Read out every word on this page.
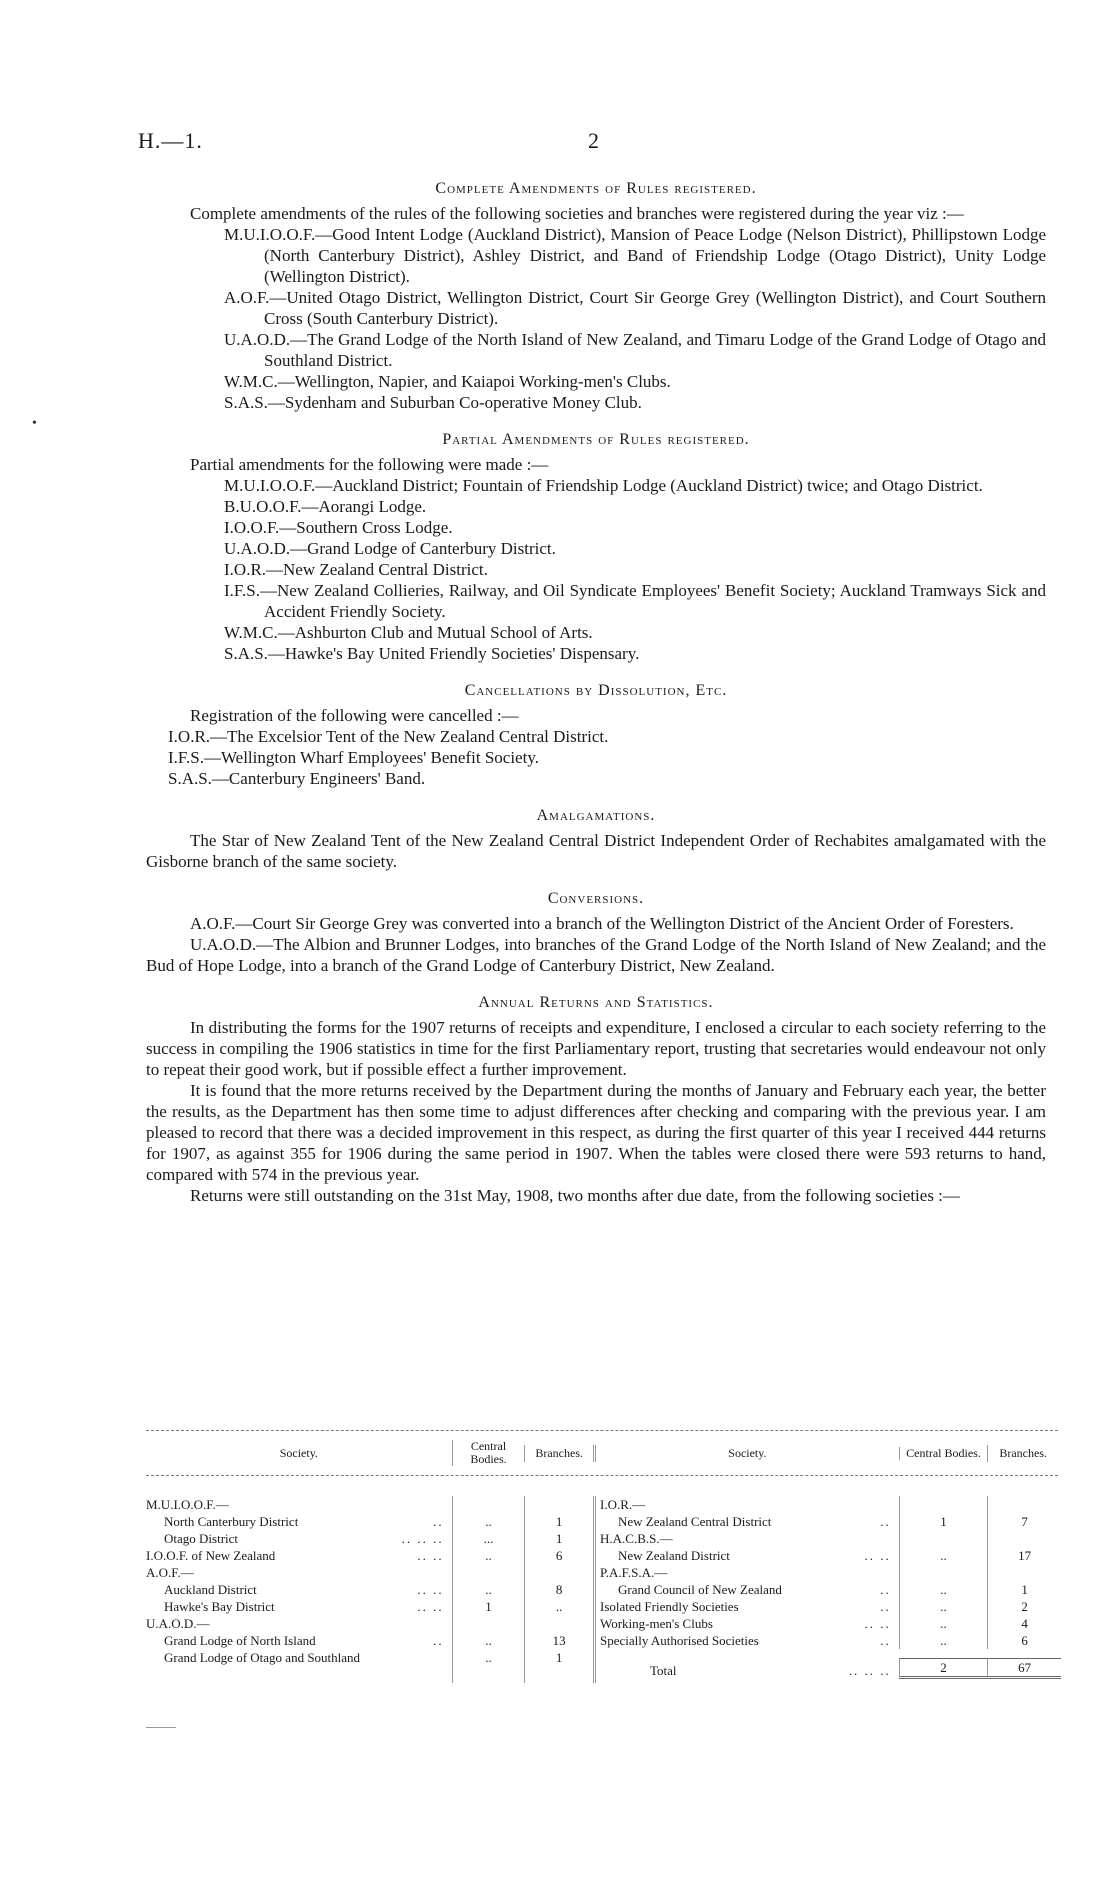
H.—1.	2
•
Complete Amendments of Rules registered.

Complete amendments of the rules of the following societies and branches were registered during the year viz :—

M.U.I.O.O.F.—Good Intent Lodge (Auckland District), Mansion of Peace Lodge (Nelson District), Phillipstown Lodge (North Canterbury District), Ashley District, and Band of Friendship Lodge (Otago District), Unity Lodge (Wellington District).
A.O.F.—United Otago District, Wellington District, Court Sir George Grey (Wellington District), and Court Southern Cross (South Canterbury District).
U.A.O.D.—The Grand Lodge of the North Island of New Zealand, and Timaru Lodge of the Grand Lodge of Otago and Southland District.
W.M.C.—Wellington, Napier, and Kaiapoi Working-men's Clubs.
S.A.S.—Sydenham and Suburban Co-operative Money Club.
Partial Amendments of Rules registered.

Partial amendments for the following were made :—

M.U.I.O.O.F.—Auckland District; Fountain of Friendship Lodge (Auckland District) twice; and Otago District.
B.U.O.O.F.—Aorangi Lodge.
I.O.O.F.—Southern Cross Lodge.
U.A.O.D.—Grand Lodge of Canterbury District.
I.O.R.—New Zealand Central District.
I.F.S.—New Zealand Collieries, Railway, and Oil Syndicate Employees' Benefit Society; Auckland Tramways Sick and Accident Friendly Society.
W.M.C.—Ashburton Club and Mutual School of Arts.
S.A.S.—Hawke's Bay United Friendly Societies' Dispensary.
Cancellations by Dissolution, Etc.

Registration of the following were cancelled :—

I.O.R.—The Excelsior Tent of the New Zealand Central District.
I.F.S.—Wellington Wharf Employees' Benefit Society.
S.A.S.—Canterbury Engineers' Band.
Amalgamations.

The Star of New Zealand Tent of the New Zealand Central District Independent Order of Rechabites amalgamated with the Gisborne branch of the same society.

Conversions.

A.O.F.—Court Sir George Grey was converted into a branch of the Wellington District of the Ancient Order of Foresters.

U.A.O.D.—The Albion and Brunner Lodges, into branches of the Grand Lodge of the North Island of New Zealand; and the Bud of Hope Lodge, into a branch of the Grand Lodge of Canterbury District, New Zealand.

Annual Returns and Statistics.

In distributing the forms for the 1907 returns of receipts and expenditure, I enclosed a circular to each society referring to the success in compiling the 1906 statistics in time for the first Parliamentary report, trusting that secretaries would endeavour not only to repeat their good work, but if possible effect a further improvement.

It is found that the more returns received by the Department during the months of January and February each year, the better the results, as the Department has then some time to adjust differences after checking and comparing with the previous year. I am pleased to record that there was a decided improvement in this respect, as during the first quarter of this year I received 444 returns for 1907, as against 355 for 1906 during the same period in 1907. When the tables were closed there were 593 returns to hand, compared with 574 in the previous year.

Returns were still outstanding on the 31st May, 1908, two months after due date, from the following societies :—

Society.	Central Bodies.	Branches.	Society.	Central Bodies.	Branches.
M.U.I.O.O.F.—
..
North Canterbury District	..	1
.. .. ..
Otago District	...	1
.. ..
I.O.O.F. of New Zealand	..	6
A.O.F.—
.. ..
Auckland District	..	8
.. ..
Hawke's Bay District	1	..
U.A.O.D.—
..
Grand Lodge of North Island	..	13
Grand Lodge of Otago and Southland	..	1
I.O.R.—
..
New Zealand Central District	1	7
H.A.C.B.S.—
.. ..
New Zealand District	..	17
P.A.F.S.A.—
..
Grand Council of New Zealand	..	1
..
Isolated Friendly Societies	..	2
.. ..
Working-men's Clubs	..	4
..
Specially Authorised Societies	..	6
.. .. ..
Total	2	67
